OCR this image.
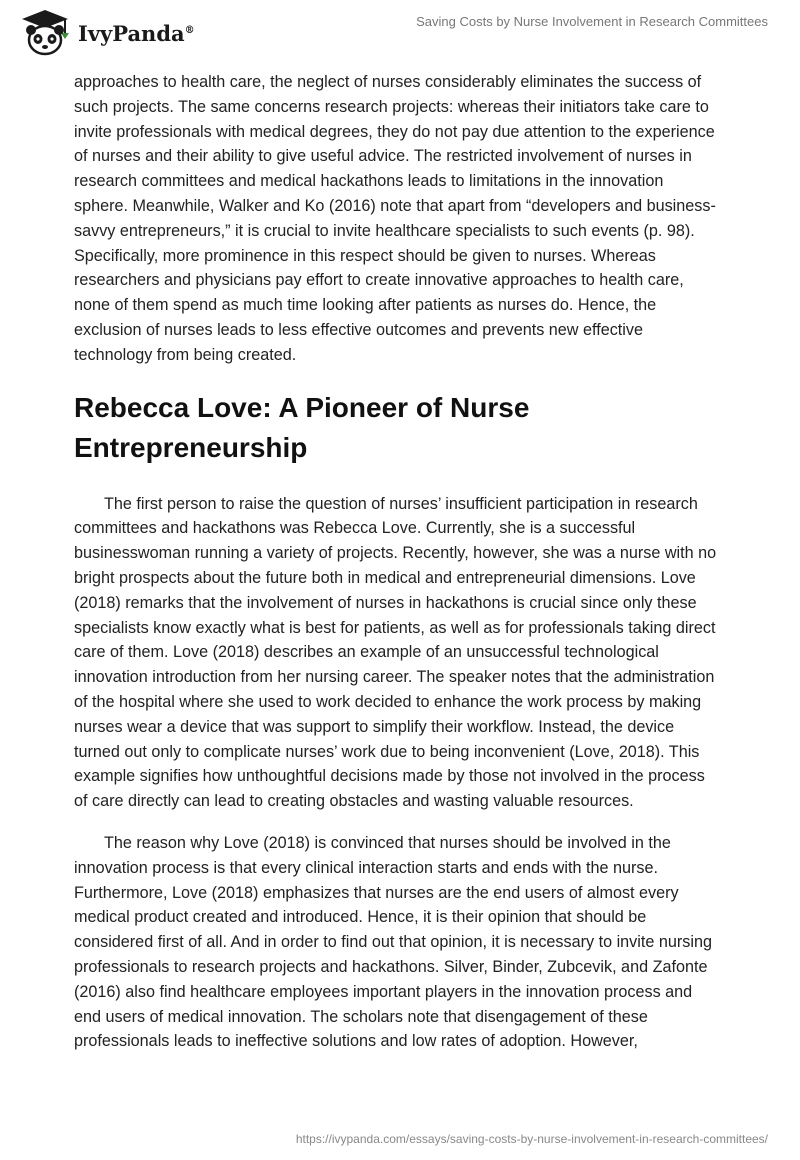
IvyPanda®
Saving Costs by Nurse Involvement in Research Committees

approaches to health care, the neglect of nurses considerably eliminates the success of such projects. The same concerns research projects: whereas their initiators take care to invite professionals with medical degrees, they do not pay due attention to the experience of nurses and their ability to give useful advice. The restricted involvement of nurses in research committees and medical hackathons leads to limitations in the innovation sphere. Meanwhile, Walker and Ko (2016) note that apart from “developers and business-savvy entrepreneurs,” it is crucial to invite healthcare specialists to such events (p. 98). Specifically, more prominence in this respect should be given to nurses. Whereas researchers and physicians pay effort to create innovative approaches to health care, none of them spend as much time looking after patients as nurses do. Hence, the exclusion of nurses leads to less effective outcomes and prevents new effective technology from being created.

Rebecca Love: A Pioneer of Nurse Entrepreneurship

The first person to raise the question of nurses’ insufficient participation in research committees and hackathons was Rebecca Love. Currently, she is a successful businesswoman running a variety of projects. Recently, however, she was a nurse with no bright prospects about the future both in medical and entrepreneurial dimensions. Love (2018) remarks that the involvement of nurses in hackathons is crucial since only these specialists know exactly what is best for patients, as well as for professionals taking direct care of them. Love (2018) describes an example of an unsuccessful technological innovation introduction from her nursing career. The speaker notes that the administration of the hospital where she used to work decided to enhance the work process by making nurses wear a device that was support to simplify their workflow. Instead, the device turned out only to complicate nurses’ work due to being inconvenient (Love, 2018). This example signifies how unthoughtful decisions made by those not involved in the process of care directly can lead to creating obstacles and wasting valuable resources.

The reason why Love (2018) is convinced that nurses should be involved in the innovation process is that every clinical interaction starts and ends with the nurse. Furthermore, Love (2018) emphasizes that nurses are the end users of almost every medical product created and introduced. Hence, it is their opinion that should be considered first of all. And in order to find out that opinion, it is necessary to invite nursing professionals to research projects and hackathons. Silver, Binder, Zubcevik, and Zafonte (2016) also find healthcare employees important players in the innovation process and end users of medical innovation. The scholars note that disengagement of these professionals leads to ineffective solutions and low rates of adoption. However,

https://ivypanda.com/essays/saving-costs-by-nurse-involvement-in-research-committees/
